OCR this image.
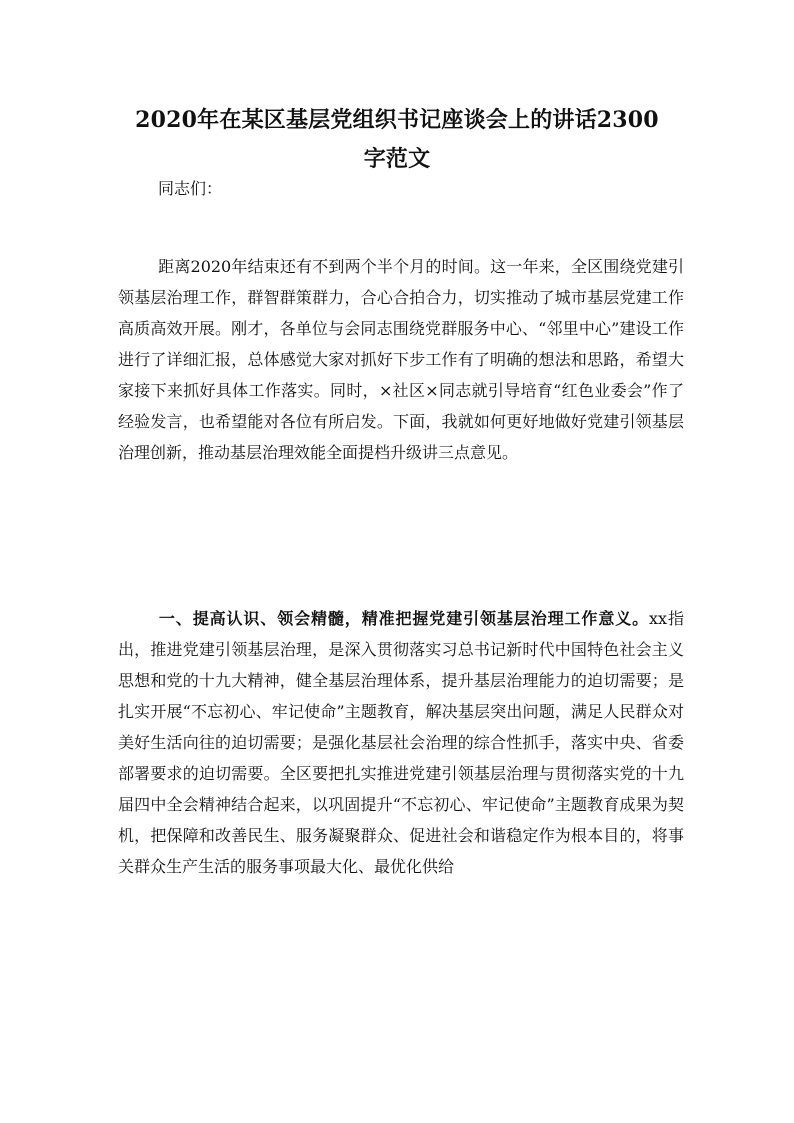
2020年在某区基层党组织书记座谈会上的讲话2300
字范文

同志们：

距离2020年结束还有不到两个半个月的时间。这一年来，全区围绕党建引领基层治理工作，群智群策群力，合心合拍合力，切实推动了城市基层党建工作高质高效开展。刚才，各单位与会同志围绕党群服务中心、“邻里中心”建设工作进行了详细汇报，总体感觉大家对抓好下步工作有了明确的想法和思路，希望大家接下来抓好具体工作落实。同时，×社区×同志就引导培育“红色业委会”作了经验发言，也希望能对各位有所启发。下面，我就如何更好地做好党建引领基层治理创新，推动基层治理效能全面提档升级讲三点意见。

一、提高认识、领会精髓，精准把握党建引领基层治理工作意义。xx指出，推进党建引领基层治理，是深入贯彻落实习总书记新时代中国特色社会主义思想和党的十九大精神，健全基层治理体系，提升基层治理能力的迫切需要；是扎实开展“不忘初心、牢记使命”主题教育，解决基层突出问题，满足人民群众对美好生活向往的迫切需要；是强化基层社会治理的综合性抓手，落实中央、省委部署要求的迫切需要。全区要把扎实推进党建引领基层治理与贯彻落实党的十九届四中全会精神结合起来，以巩固提升“不忘初心、牢记使命”主题教育成果为契机，把保障和改善民生、服务凝聚群众、促进社会和谐稳定作为根本目的，将事关群众生产生活的服务事项最大化、最优化供给
